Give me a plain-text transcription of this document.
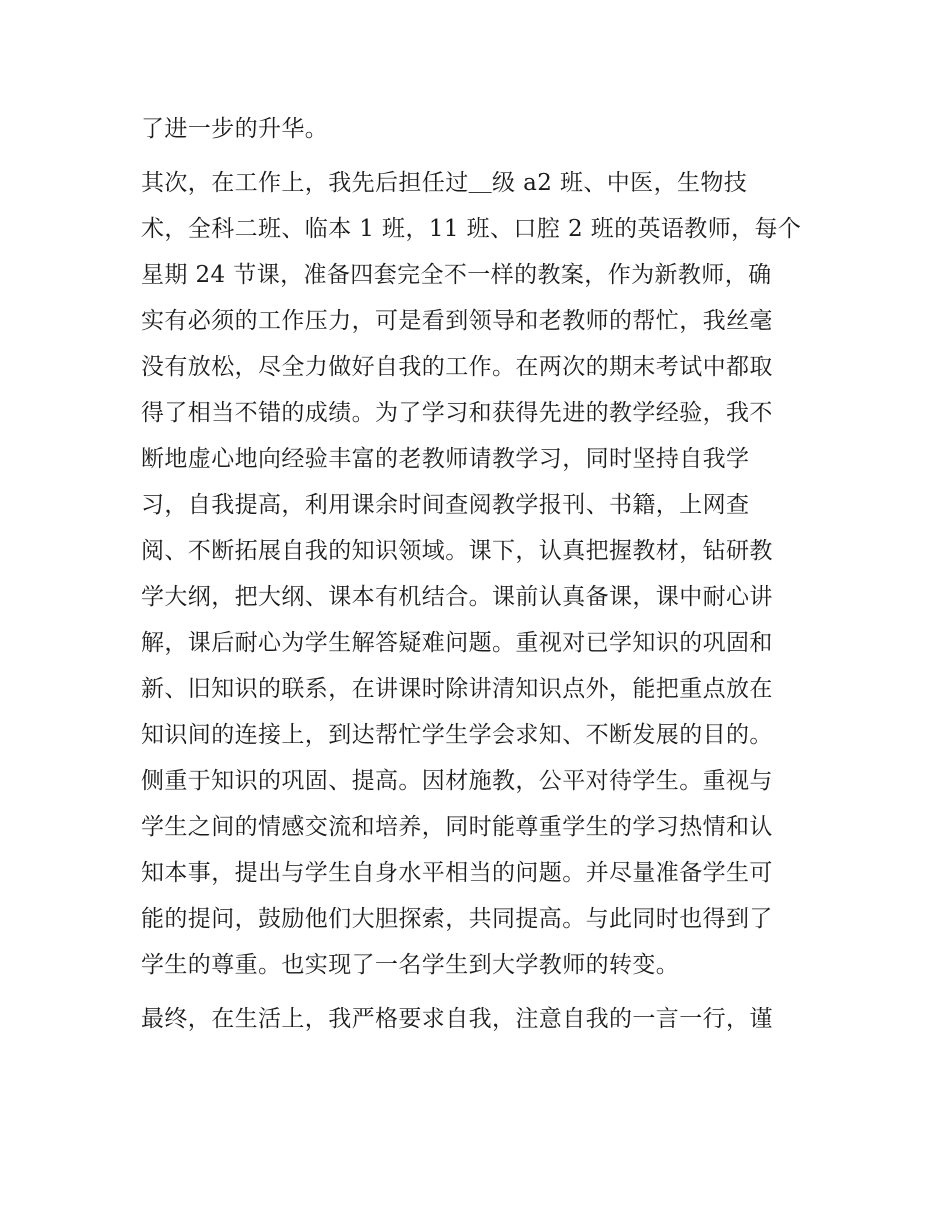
了进一步的升华。
其次，在工作上，我先后担任过＿级 a2 班、中医，生物技
术，全科二班、临本 1 班，11 班、口腔 2 班的英语教师，每个
星期 24 节课，准备四套完全不一样的教案，作为新教师，确
实有必须的工作压力，可是看到领导和老教师的帮忙，我丝毫
没有放松，尽全力做好自我的工作。在两次的期末考试中都取
得了相当不错的成绩。为了学习和获得先进的教学经验，我不
断地虚心地向经验丰富的老教师请教学习，同时坚持自我学
习，自我提高，利用课余时间查阅教学报刊、书籍，上网查
阅、不断拓展自我的知识领域。课下，认真把握教材，钻研教
学大纲，把大纲、课本有机结合。课前认真备课，课中耐心讲
解，课后耐心为学生解答疑难问题。重视对已学知识的巩固和
新、旧知识的联系，在讲课时除讲清知识点外，能把重点放在
知识间的连接上，到达帮忙学生学会求知、不断发展的目的。
侧重于知识的巩固、提高。因材施教，公平对待学生。重视与
学生之间的情感交流和培养，同时能尊重学生的学习热情和认
知本事，提出与学生自身水平相当的问题。并尽量准备学生可
能的提问，鼓励他们大胆探索，共同提高。与此同时也得到了
学生的尊重。也实现了一名学生到大学教师的转变。
最终，在生活上，我严格要求自我，注意自我的一言一行，谨
